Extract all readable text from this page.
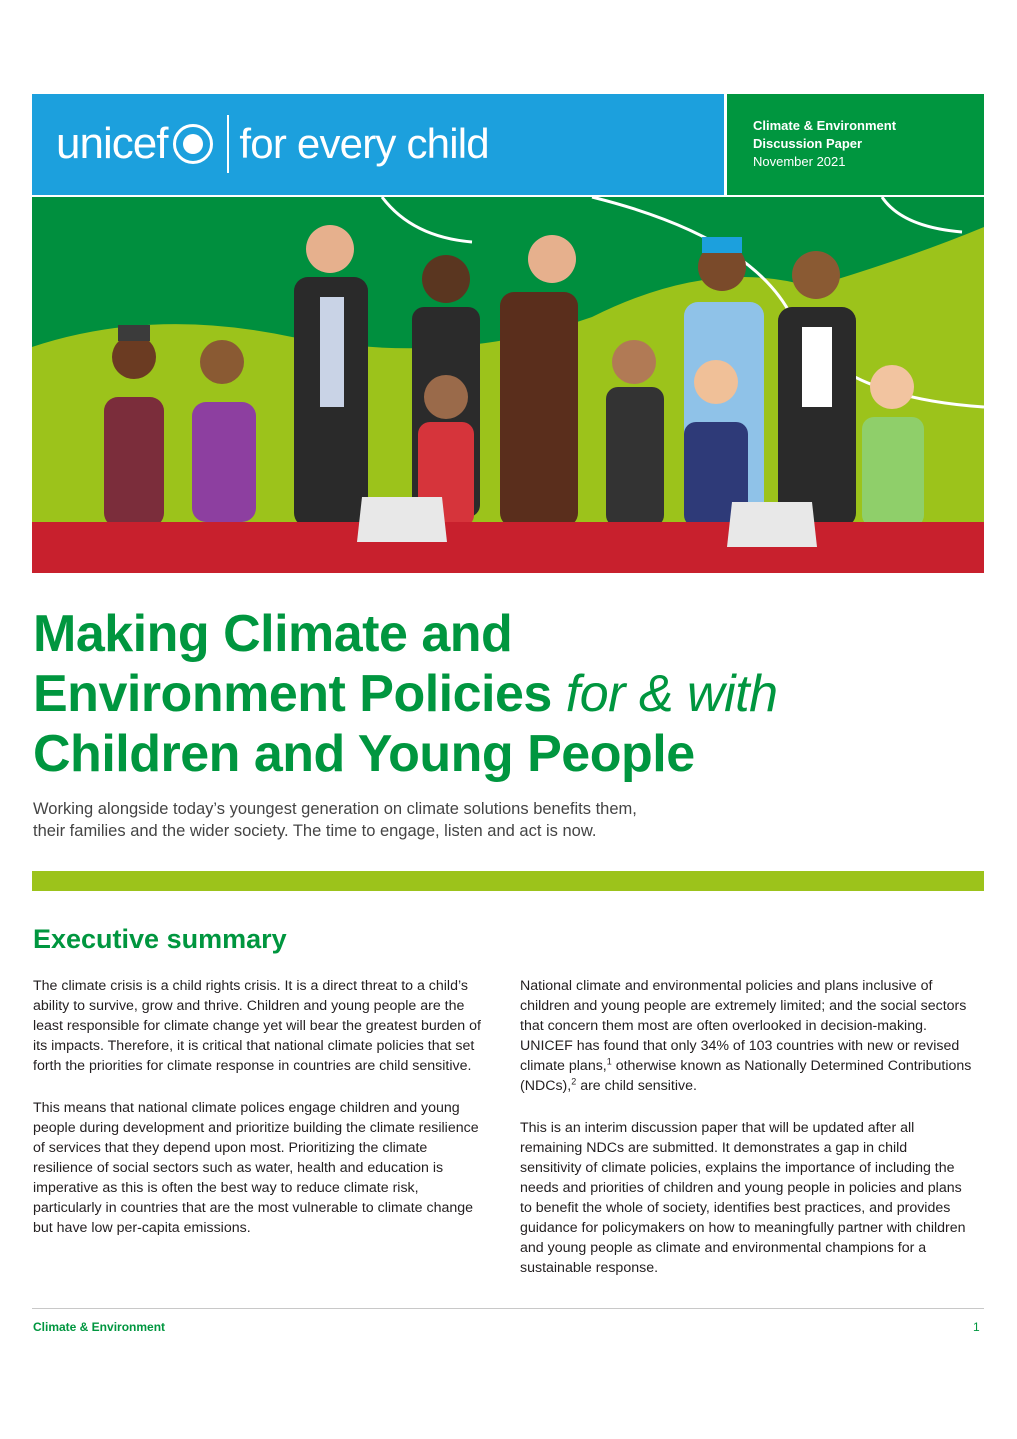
unicef for every child	Climate & Environment
Discussion Paper
November 2021
Making Climate and
Environment Policies for & with
Children and Young People
Working alongside today’s youngest generation on climate solutions benefits them,
their families and the wider society. The time to engage, listen and act is now.
Executive summary

The climate crisis is a child rights crisis. It is a direct threat to a child’s ability to survive, grow and thrive. Children and young people are the least responsible for climate change yet will bear the greatest burden of its impacts. Therefore, it is critical that national climate policies that set forth the priorities for climate response in countries are child sensitive.

This means that national climate polices engage children and young people during development and prioritize building the climate resilience of services that they depend upon most. Prioritizing the climate resilience of social sectors such as water, health and education is imperative as this is often the best way to reduce climate risk, particularly in countries that are the most vulnerable to climate change but have low per-capita emissions.

National climate and environmental policies and plans inclusive of children and young people are extremely limited; and the social sectors that concern them most are often overlooked in decision-making. UNICEF has found that only 34% of 103 countries with new or revised climate plans,$^1$ otherwise known as Nationally Determined Contributions (NDCs),$^2$ are child sensitive.

This is an interim discussion paper that will be updated after all remaining NDCs are submitted. It demonstrates a gap in child sensitivity of climate policies, explains the importance of including the needs and priorities of children and young people in policies and plans to benefit the whole of society, identifies best practices, and provides guidance for policymakers on how to meaningfully partner with children and young people as climate and environmental champions for a sustainable response.

Climate & Environment	1
